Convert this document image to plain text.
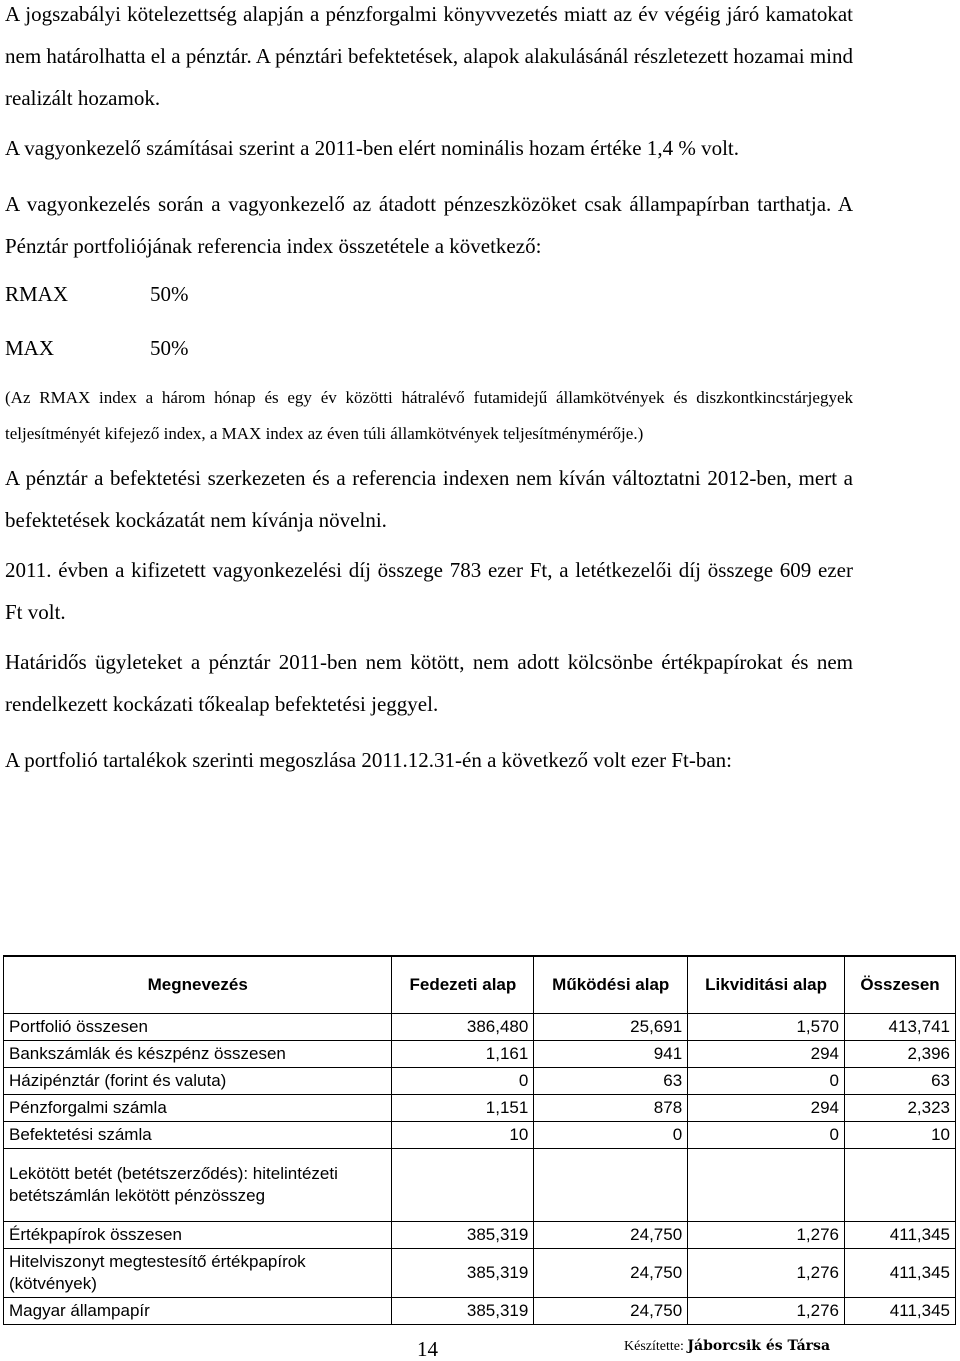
A jogszabályi kötelezettség alapján a pénzforgalmi könyvvezetés miatt az év végéig járó kamatokat nem határolhatta el a pénztár. A pénztári befektetések, alapok alakulásánál részletezett hozamai mind realizált hozamok.

A vagyonkezelő számításai szerint a 2011-ben elért nominális hozam értéke 1,4 % volt.

A vagyonkezelés során a vagyonkezelő az átadott pénzeszközöket csak állampapírban tarthatja. A Pénztár portfoliójának referencia index összetétele a következő:

RMAX	50%
MAX	50%

(Az RMAX index a három hónap és egy év közötti hátralévő futamidejű államkötvények és diszkontkincstárjegyek teljesítményét kifejező index, a MAX index az éven túli államkötvények teljesítménymérője.)

A pénztár a befektetési szerkezeten és a referencia indexen nem kíván változtatni 2012-ben, mert a befektetések kockázatát nem kívánja növelni.

2011. évben a kifizetett vagyonkezelési díj összege 783 ezer Ft, a letétkezelői díj összege 609 ezer Ft volt.

Határidős ügyleteket a pénztár 2011-ben nem kötött, nem adott kölcsönbe értékpapírokat és nem rendelkezett kockázati tőkealap befektetési jeggyel.

A portfolió tartalékok szerinti megoszlása 2011.12.31-én a következő volt ezer Ft-ban:

Megnevezés	Fedezeti alap	Működési alap	Likviditási alap	Összesen
Portfolió összesen	386,480	25,691	1,570	413,741
Bankszámlák és készpénz összesen	1,161	941	294	2,396
Házipénztár (forint és valuta)	0	63	0	63
Pénzforgalmi számla	1,151	878	294	2,323
Befektetési számla	10	0	0	10
Lekötött betét (betétszerződés): hitelintézeti betétszámlán lekötött pénzösszeg				
Értékpapírok összesen	385,319	24,750	1,276	411,345
Hitelviszonyt megtestesítő értékpapírok (kötvények)	385,319	24,750	1,276	411,345
Magyar állampapír	385,319	24,750	1,276	411,345
14	Készítette: Jáborcsik és Társa
